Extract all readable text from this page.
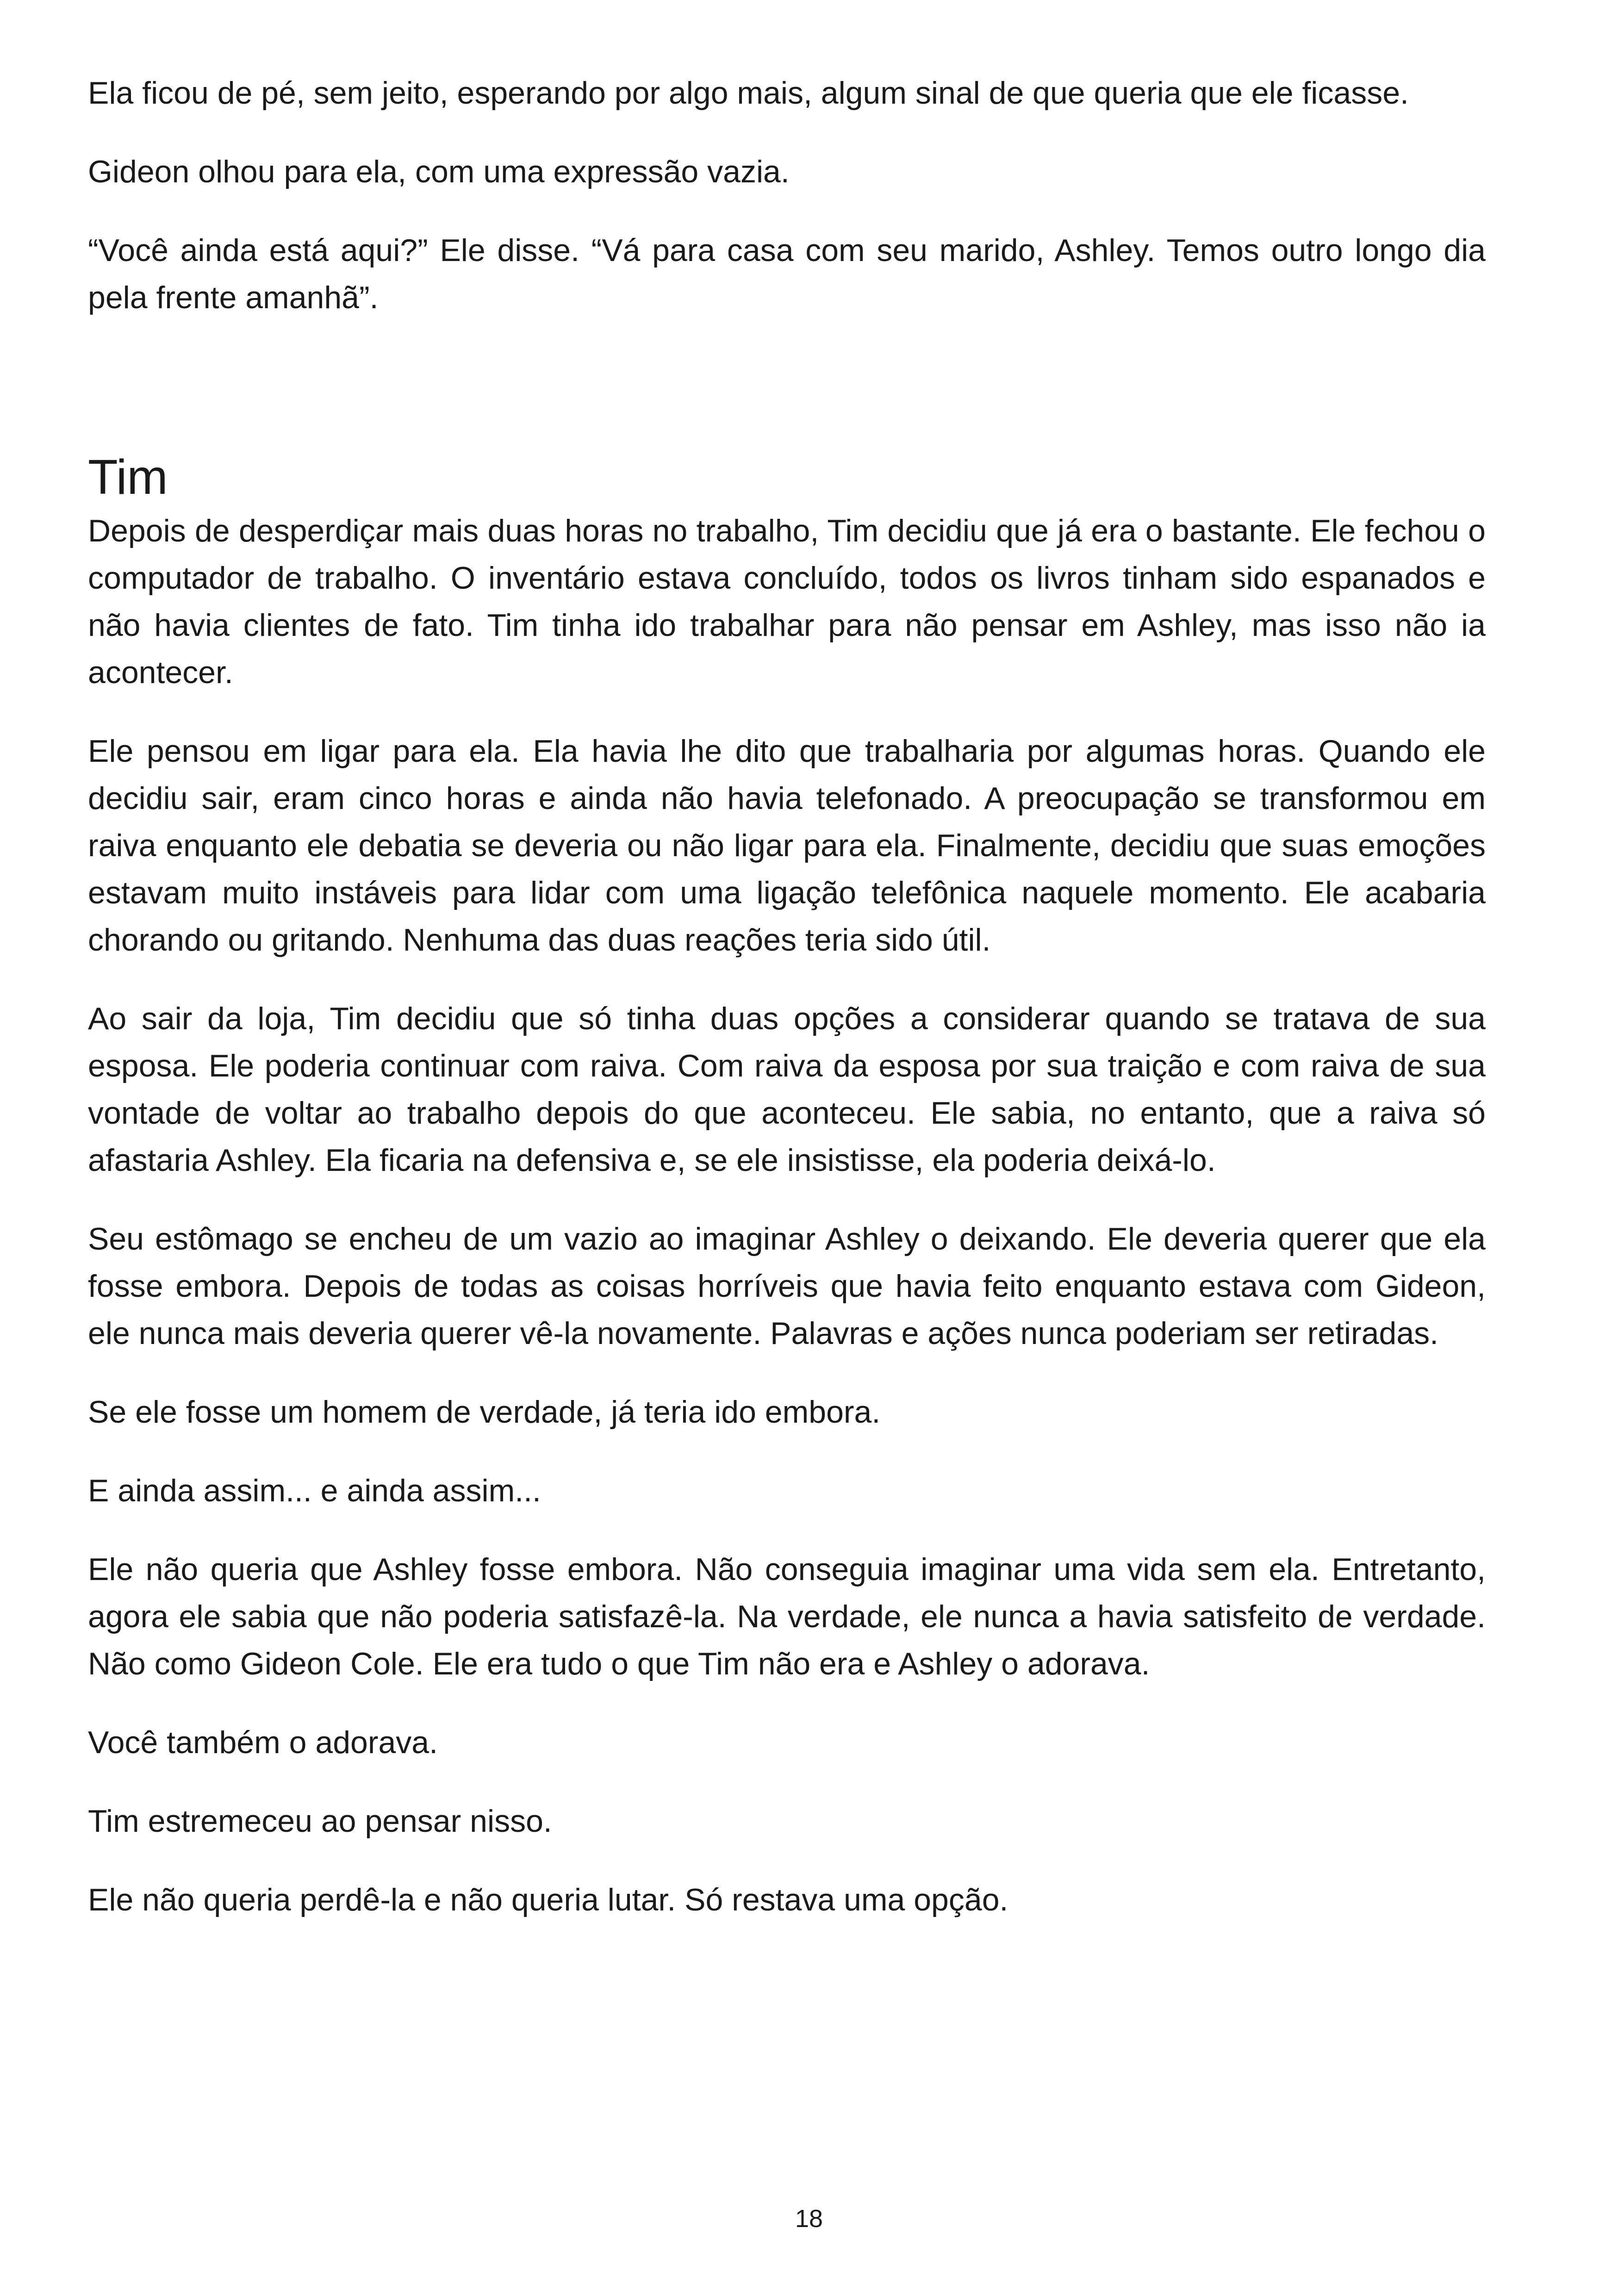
Ela ficou de pé, sem jeito, esperando por algo mais, algum sinal de que queria que ele ficasse.

Gideon olhou para ela, com uma expressão vazia.

“Você ainda está aqui?” Ele disse. “Vá para casa com seu marido, Ashley. Temos outro longo dia pela frente amanhã”.

Tim

Depois de desperdiçar mais duas horas no trabalho, Tim decidiu que já era o bastante. Ele fechou o computador de trabalho. O inventário estava concluído, todos os livros tinham sido espanados e não havia clientes de fato. Tim tinha ido trabalhar para não pensar em Ashley, mas isso não ia acontecer.

Ele pensou em ligar para ela. Ela havia lhe dito que trabalharia por algumas horas. Quando ele decidiu sair, eram cinco horas e ainda não havia telefonado. A preocupação se transformou em raiva enquanto ele debatia se deveria ou não ligar para ela. Finalmente, decidiu que suas emoções estavam muito instáveis para lidar com uma ligação telefônica naquele momento. Ele acabaria chorando ou gritando. Nenhuma das duas reações teria sido útil.

Ao sair da loja, Tim decidiu que só tinha duas opções a considerar quando se tratava de sua esposa. Ele poderia continuar com raiva. Com raiva da esposa por sua traição e com raiva de sua vontade de voltar ao trabalho depois do que aconteceu. Ele sabia, no entanto, que a raiva só afastaria Ashley. Ela ficaria na defensiva e, se ele insistisse, ela poderia deixá-lo.

Seu estômago se encheu de um vazio ao imaginar Ashley o deixando. Ele deveria querer que ela fosse embora. Depois de todas as coisas horríveis que havia feito enquanto estava com Gideon, ele nunca mais deveria querer vê-la novamente. Palavras e ações nunca poderiam ser retiradas.

Se ele fosse um homem de verdade, já teria ido embora.

E ainda assim... e ainda assim...

Ele não queria que Ashley fosse embora. Não conseguia imaginar uma vida sem ela. Entretanto, agora ele sabia que não poderia satisfazê-la. Na verdade, ele nunca a havia satisfeito de verdade. Não como Gideon Cole. Ele era tudo o que Tim não era e Ashley o adorava.

Você também o adorava.

Tim estremeceu ao pensar nisso.

Ele não queria perdê-la e não queria lutar. Só restava uma opção.

18
